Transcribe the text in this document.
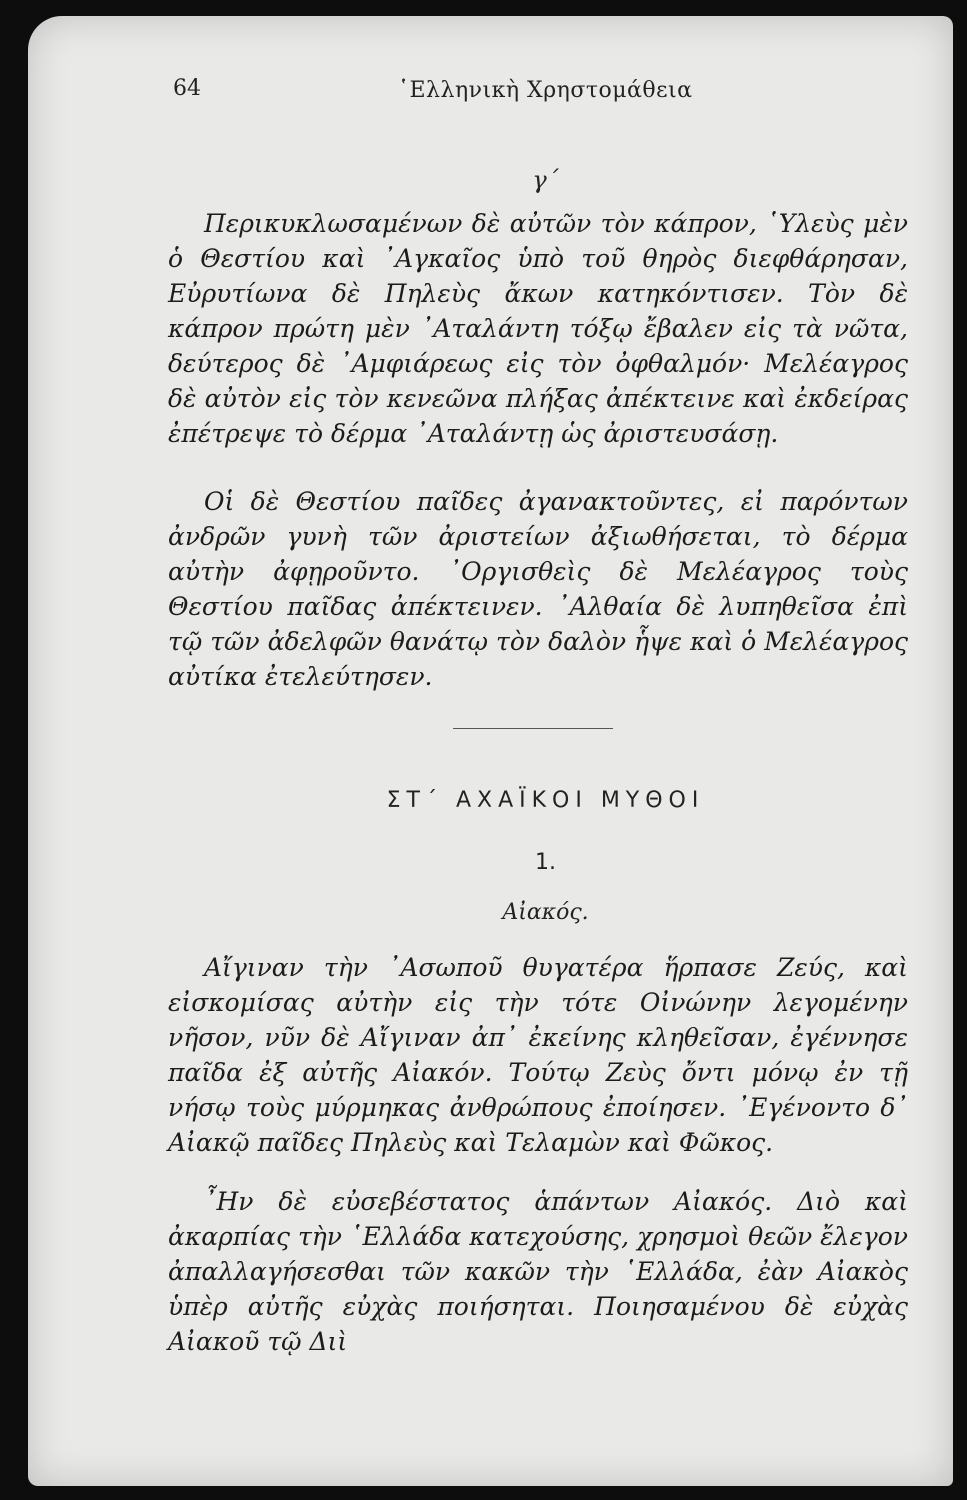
64	῾Ελληνικὴ Χρηστομάθεια
γ΄

Περικυκλωσαμένων δὲ αὐτῶν τὸν κάπρον, ῾Υλεὺς μὲν ὁ Θεστίου καὶ ᾿Αγκαῖος ὑπὸ τοῦ θηρὸς διεφθάρησαν, Εὐρυτίωνα δὲ Πηλεὺς ἄκων κατηκόντισεν. Τὸν δὲ κάπρον πρώτη μὲν ᾿Αταλάντη τόξῳ ἔβαλεν εἰς τὰ νῶτα, δεύτερος δὲ ᾿Αμφιάρεως εἰς τὸν ὀφθαλμόν· Μελέαγρος δὲ αὐτὸν εἰς τὸν κενεῶνα πλήξας ἀπέκτεινε καὶ ἐκδείρας ἐπέτρεψε τὸ δέρμα ᾿Αταλάντῃ ὡς ἀριστευσάσῃ.

Οἱ δὲ Θεστίου παῖδες ἀγανακτοῦντες, εἰ παρόντων ἀνδρῶν γυνὴ τῶν ἀριστείων ἀξιωθήσεται, τὸ δέρμα αὐτὴν ἀφῃροῦντο. ᾿Οργισθεὶς δὲ Μελέαγρος τοὺς Θεστίου παῖδας ἀπέκτεινεν. ᾿Αλθαία δὲ λυπηθεῖσα ἐπὶ τῷ τῶν ἀδελφῶν θανάτῳ τὸν δαλὸν ἧψε καὶ ὁ Μελέαγρος αὐτίκα ἐτελεύτησεν.

ΣΤ΄ ΑΧΑΪΚΟΙ ΜΥΘΟΙ
1.
Αἰακός.

Αἴγιναν τὴν ᾿Ασωποῦ θυγατέρα ἥρπασε Ζεύς, καὶ εἰσκομίσας αὐτὴν εἰς τὴν τότε Οἰνώνην λεγομένην νῆσον, νῦν δὲ Αἴγιναν ἀπ᾿ ἐκείνης κληθεῖσαν, ἐγέννησε παῖδα ἐξ αὐτῆς Αἰακόν. Τούτῳ Ζεὺς ὄντι μόνῳ ἐν τῇ νήσῳ τοὺς μύρμηκας ἀνθρώπους ἐποίησεν. ᾿Εγένοντο δ᾿ Αἰακῷ παῖδες Πηλεὺς καὶ Τελαμὼν καὶ Φῶκος.

῏Ην δὲ εὐσεβέστατος ἁπάντων Αἰακός. Διὸ καὶ ἀκαρπίας τὴν ῾Ελλάδα κατεχούσης, χρησμοὶ θεῶν ἔλεγον ἀπαλλαγήσεσθαι τῶν κακῶν τὴν ῾Ελλάδα, ἐὰν Αἰακὸς ὑπὲρ αὐτῆς εὐχὰς ποιήσηται. Ποιησαμένου δὲ εὐχὰς Αἰακοῦ τῷ Διὶ
